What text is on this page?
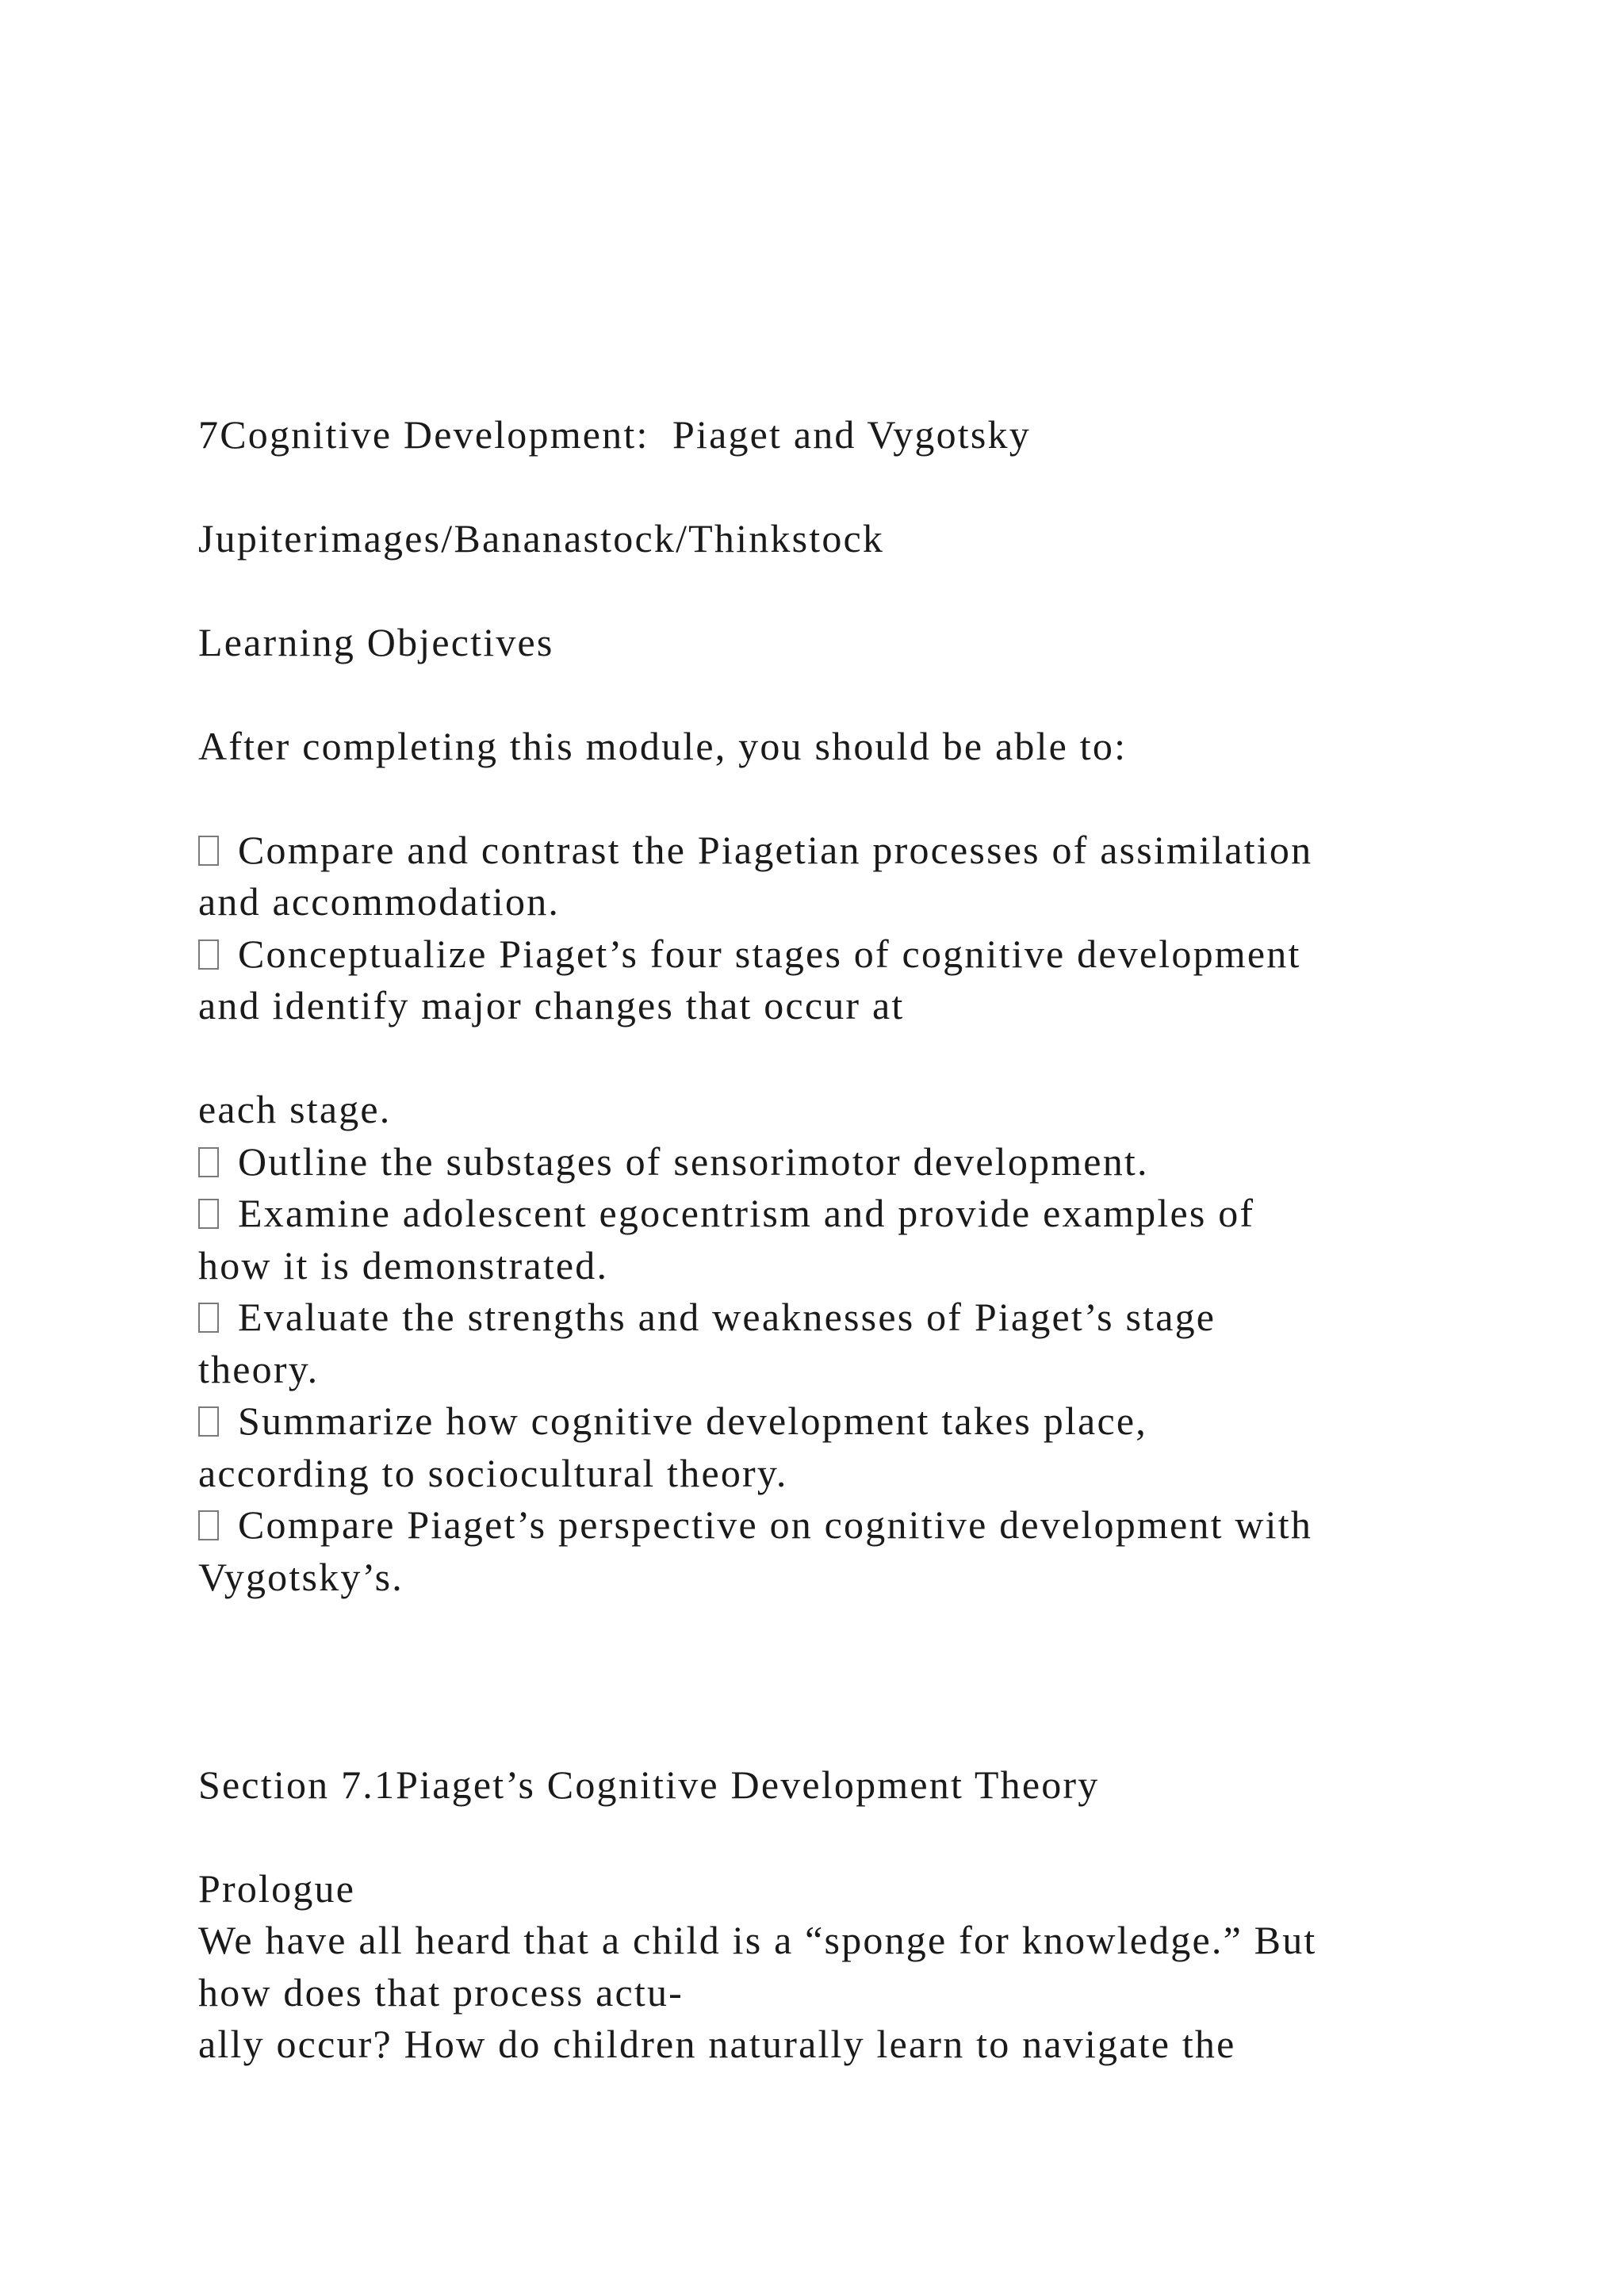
7Cognitive Development:  Piaget and Vygotsky

Jupiterimages/Bananastock/Thinkstock

Learning Objectives

After completing this module, you should be able to:

Compare and contrast the Piagetian processes of assimilation

and accommodation.

Conceptualize Piaget’s four stages of cognitive development

and identify major changes that occur at

each stage.

Outline the substages of sensorimotor development.

Examine adolescent egocentrism and provide examples of

how it is demonstrated.

Evaluate the strengths and weaknesses of Piaget’s stage

theory.

Summarize how cognitive development takes place,

according to sociocultural theory.

Compare Piaget’s perspective on cognitive development with

Vygotsky’s.

Section 7.1Piaget’s Cognitive Development Theory

Prologue

We have all heard that a child is a “sponge for knowledge.” But

how does that process actu-

ally occur? How do children naturally learn to navigate the
